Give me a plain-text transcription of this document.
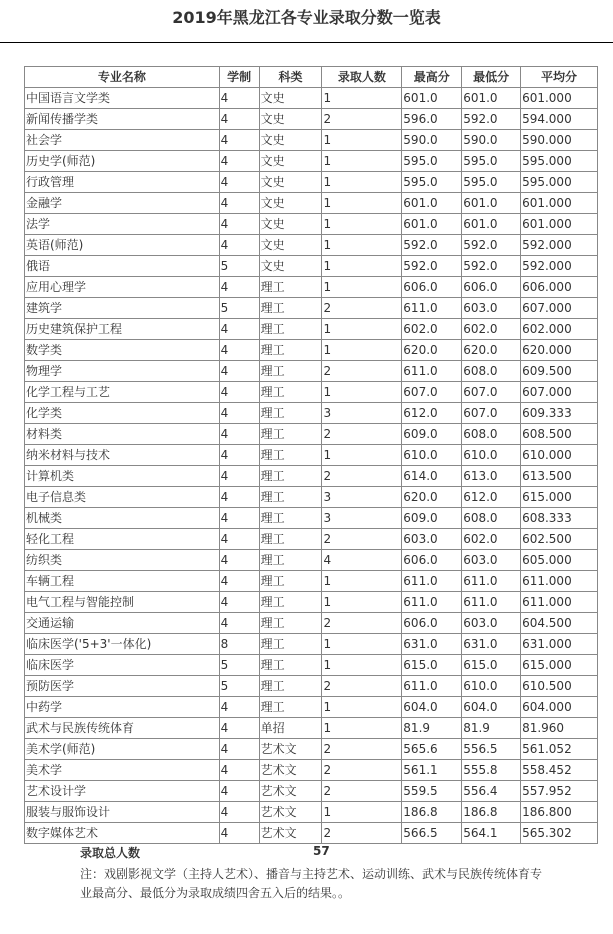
2019年黑龙江各专业录取分数一览表
专业名称	学制	科类	录取人数	最高分	最低分	平均分
中国语言文学类	4	文史	1	601.0	601.0	601.000
新闻传播学类	4	文史	2	596.0	592.0	594.000
社会学	4	文史	1	590.0	590.0	590.000
历史学(师范)	4	文史	1	595.0	595.0	595.000
行政管理	4	文史	1	595.0	595.0	595.000
金融学	4	文史	1	601.0	601.0	601.000
法学	4	文史	1	601.0	601.0	601.000
英语(师范)	4	文史	1	592.0	592.0	592.000
俄语	5	文史	1	592.0	592.0	592.000
应用心理学	4	理工	1	606.0	606.0	606.000
建筑学	5	理工	2	611.0	603.0	607.000
历史建筑保护工程	4	理工	1	602.0	602.0	602.000
数学类	4	理工	1	620.0	620.0	620.000
物理学	4	理工	2	611.0	608.0	609.500
化学工程与工艺	4	理工	1	607.0	607.0	607.000
化学类	4	理工	3	612.0	607.0	609.333
材料类	4	理工	2	609.0	608.0	608.500
纳米材料与技术	4	理工	1	610.0	610.0	610.000
计算机类	4	理工	2	614.0	613.0	613.500
电子信息类	4	理工	3	620.0	612.0	615.000
机械类	4	理工	3	609.0	608.0	608.333
轻化工程	4	理工	2	603.0	602.0	602.500
纺织类	4	理工	4	606.0	603.0	605.000
车辆工程	4	理工	1	611.0	611.0	611.000
电气工程与智能控制	4	理工	1	611.0	611.0	611.000
交通运输	4	理工	2	606.0	603.0	604.500
临床医学('5+3'一体化)	8	理工	1	631.0	631.0	631.000
临床医学	5	理工	1	615.0	615.0	615.000
预防医学	5	理工	2	611.0	610.0	610.500
中药学	4	理工	1	604.0	604.0	604.000
武术与民族传统体育	4	单招	1	81.9	81.9	81.960
美术学(师范)	4	艺术文	2	565.6	556.5	561.052
美术学	4	艺术文	2	561.1	555.8	558.452
艺术设计学	4	艺术文	2	559.5	556.4	557.952
服装与服饰设计	4	艺术文	1	186.8	186.8	186.800
数字媒体艺术	4	艺术文	2	566.5	564.1	565.302
录取总人数	57
注：戏剧影视文学（主持人艺术）、播音与主持艺术、运动训练、武术与民族传统体育专业最高分、最低分为录取成绩四舍五入后的结果。。
